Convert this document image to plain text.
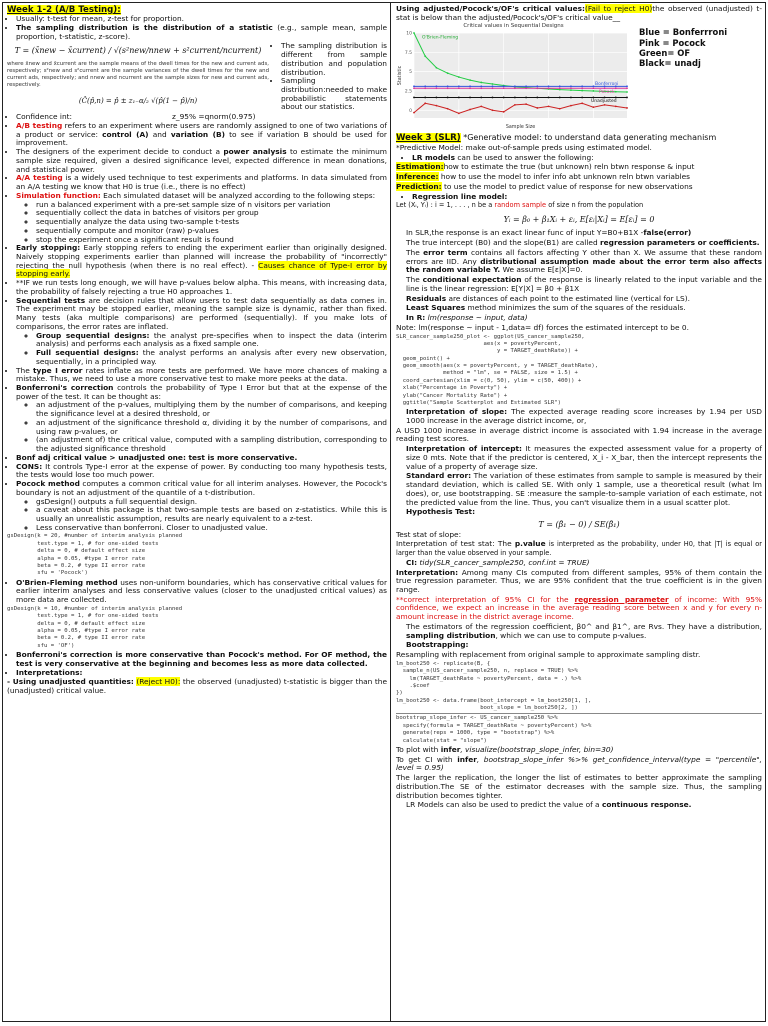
Week 1-2 (A/B Testing):
• Usually: t-test for mean, z-test for proportion.
• The sampling distribution is the distribution of a statistic (e.g., sample mean, sample proportion, t-statistic, z-score).
T = (x̄new − x̄current) / √(s²new/nnew + s²current/ncurrent)
where x̄new and x̄current are the sample means of the dwell times for the new and current ads, respectively; s²new and s²current are the sample variances of the dwell times for the new and current ads, respectively; and nnew and ncurrent are the sample sizes for new and current ads, respectively.
(Ĉ(p̂,n) = p̂ ± z₁₋α/₂ √(p̂(1 − p̂)/n)
• The sampling distribution is different from sample distribution and population distribution.
• Sampling distribution:needed to make probabilistic statements about our statistics.
• Confidence int:	z_95% =qnorm(0.975)
• A/B testing refers to an experiment where users are randomly assigned to one of two variations of a product or service: control (A) and variation (B) to see if variation B should be used for improvement.
• The designers of the experiment decide to conduct a power analysis to estimate the minimum sample size required, given a desired significance level, expected difference in mean donations, and statistical power.
• A/A testing is a widely used technique to test experiments and platforms. In data simulated from an A/A testing we know that H0 is true (i.e., there is no effect)
• Simulation function: Each simulated dataset will be analyzed according to the following steps:
◦ run a balanced experiment with a pre-set sample size of n visitors per variation
◦ sequentially collect the data in batches of visitors per group
◦ sequentially analyze the data using two-sample t-tests
◦ sequentially compute and monitor (raw) p-values
◦ stop the experiment once a significant result is found
• Early stopping: Early stopping refers to ending the experiment earlier than originally designed. Naively stopping experiments earlier than planned will increase the probability of "incorrectly" rejecting the null hypothesis (when there is no real effect). - Causes chance of Type-I error by stopping early.
• **IF we run tests long enough, we will have p-values below alpha. This means, with increasing data, the probability of falsely rejecting a true H0 approaches 1.
• Sequential tests are decision rules that allow users to test data sequentially as data comes in. The experiment may be stopped earlier, meaning the sample size is dynamic, rather than fixed. Many tests (aka multiple comparisons) are performed (sequentially). If you make lots of comparisons, the error rates are inflated.
◦ Group sequential designs: the analyst pre-specifies when to inspect the data (interim analysis) and performs each analysis as a fixed sample one.
◦ Full sequential designs: the analyst performs an analysis after every new observation, sequentially, in a principled way.
• The type I error rates inflate as more tests are performed. We have more chances of making a mistake. Thus, we need to use a more conservative test to make more peeks at the data.
• Bonferroni's correction controls the probability of Type I Error but that at the expense of the power of the test. It can be thought as:
◦ an adjustment of the p-values, multiplying them by the number of comparisons, and keeping the significance level at a desired threshold, or
◦ an adjustment of the significance threshold α, dividing it by the number of comparisons, and using raw p-values, or
◦ (an adjustment of) the critical value, computed with a sampling distribution, corresponding to the adjusted significance threshold
• Bonf adj critical value > unadjusted one: test is more conservative.
• CONS: It controls Type-I error at the expense of power. By conducting too many hypothesis tests, the tests would lose too much power.
• Pocock method computes a common critical value for all interim analyses. However, the Pocock's boundary is not an adjustment of the quantile of a t-distribution.
◦ gsDesign() outputs a full sequential design.
◦ a caveat about this package is that two-sample tests are based on z-statistics. While this is usually an unrealistic assumption, results are nearly equivalent to a z-test.
◦ Less conservative than bonferroni. Closer to unadjusted value.
gsDesign(k = 20, #number of interim analysis planned
test.type = 1, # for one-sided tests
delta = 0, # default effect size
alpha = 0.05, #type I error rate
beta = 0.2, # type II error rate
sfu = 'Pocock')
• O'Brien-Fleming method uses non-uniform boundaries, which has conservative critical values for earlier interim analyses and less conservative values (closer to the unadjusted critical values) as more data are collected.
gsDesign(k = 10, #number of interim analysis planned
test.type = 1, # for one-sided tests
delta = 0, # default effect size
alpha = 0.05, #type I error rate
beta = 0.2, # type II error rate
sfu = 'OF')
• Bonferroni's correction is more conservative than Pocock's method. For OF method, the test is very conservative at the beginning and becomes less as more data collected.
• Interpretations:

- Using unadjusted quantities: (Reject H0): the observed (unadjusted) t-statistic is bigger than the (unadjusted) critical value.

Using adjusted/Pocock's/OF's critical values:(Fail to reject H0)the observed (unadjusted) t-stat is below than the adjusted/Pocock's/OF's critical value__

Critical values in Sequential Designs
0
2.5
5
7.5
10
O'Brien-Fleming
Bonferroni
Pocock
Unadjusted
Sample Size
Statistic
Blue = Bonferrroni
Pink = Pocock
Green= OF
Black= unadj

Week 3 (SLR) *Generative model: to understand data generating mechanism

*Predictive Model: make out-of-sample preds using estimated model.

• LR models can be used to answer the following:

Estimation:how to estimate the true (but unknown) reln btwn response & input

Inference: how to use the model to infer info abt unknown reln btwn variables

Prediction: to use the model to predict value of response for new observations

• Regression line model:

Let (Xᵢ, Yᵢ) : i = 1, . . . , n be a random sample of size n from the population

Yᵢ = β₀ + β₁Xᵢ + εᵢ, E[εᵢ|Xᵢ] = E[εᵢ] = 0

In SLR,the response is an exact linear func of input Y=B0+B1X -false(error)

The true intercept (B0) and the slope(B1) are called regression parameters or coefficients.

The error term contains all factors affecting Y other than X. We assume that these random errors are IID. Any distributional assumption made about the error term also affects the random variable Y. We assume E[ε|X]=0.

The conditional expectation of the response is linearly related to the input variable and the line is the linear regression: E[Y|X] = β0 + β1X

Residuals are distances of each point to the estimated line (vertical for LS).

Least Squares method minimizes the sum of the squares of the residuals.

In R: lm(response ~ input, data)

Note: lm(response ~ input - 1,data= df) forces the estimated intercept to be 0.

SLR_cancer_sample250_plot <- ggplot(US_cancer_sample250,
aes(x = povertyPercent,
y = TARGET_deathRate)) +
geom_point() +
geom_smooth(aes(x = povertyPercent, y = TARGET_deathRate),
method = "lm", se = FALSE, size = 1.5) +
coord_cartesian(xlim = c(0, 50), ylim = c(50, 400)) +
xlab("Percentage in Poverty") +
ylab("Cancer Mortality Rate") +
ggtitle("Sample Scatterplot and Estimated SLR")

Interpretation of slope: The expected average reading score increases by 1.94 per USD 1000 increase in the average district income, or,

A USD 1000 increase in average district income is associated with 1.94 increase in the average reading test scores.

Interpretation of intercept: It measures the expected assessment value for a property of size 0 mts. Note that if the predictor is centered, X_i - X_bar, then the intercept represents the value of a property of average size.

Standard error: The variation of these estimates from sample to sample is measured by their standard deviation, which is called SE. With only 1 sample, use a theoretical result (what lm does), or, use bootstrapping. SE :measure the sample-to-sample variation of each estimate, not the predicted value from the line. Thus, you can't visualize them in a usual scatter plot.

Hypothesis Test:

T = (β̂₁ − 0) / SE(β̂₁)

Test stat of slope:

Interpretation of test stat: The p.value is interpreted as the probability, under H0, that |T| is equal or larger than the value observed in your sample.

CI: tidy(SLR_cancer_sample250, conf.int = TRUE)

Interpretation: Among many CIs computed from different samples, 95% of them contain the true regression parameter. Thus, we are 95% confident that the true coefficient is in the given range.

**correct interpretation of 95% CI for the regression parameter of income: With 95% confidence, we expect an increase in the average reading score between x and y for every n-amount increase in the district average income.

The estimators of the regression coefficient, β0^ and β1^, are Rvs. They have a distribution, sampling distribution, which we can use to compute p-values.

Bootstrapping:

Resampling with replacement from original sample to approximate sampling distr.

lm_boot250 <- replicate(B, {
sample_n(US_cancer_sample250, n, replace = TRUE) %>%
lm(TARGET_deathRate ~ povertyPercent, data = .) %>%
.$coef
})
lm_boot250 <- data.frame(boot_intercept = lm_boot250[1, ],
boot_slope = lm_boot250[2, ])
bootstrap_slope_infer <- US_cancer_sample250 %>%
specify(formula = TARGET_deathRate ~ povertyPercent) %>%
generate(reps = 1000, type = "bootstrap") %>%
calculate(stat = "slope")

To plot with infer, visualize(bootstrap_slope_infer, bin=30)

To get CI with infer, bootstrap_slope_infer %>% get_confidence_interval(type = "percentile", level = 0.95)

The larger the replication, the longer the list of estimates to better approximate the sampling distribution.The SE of the estimator decreases with the sample size. Thus, the sampling distribution becomes tighter.

LR Models can also be used to predict the value of a continuous response.
